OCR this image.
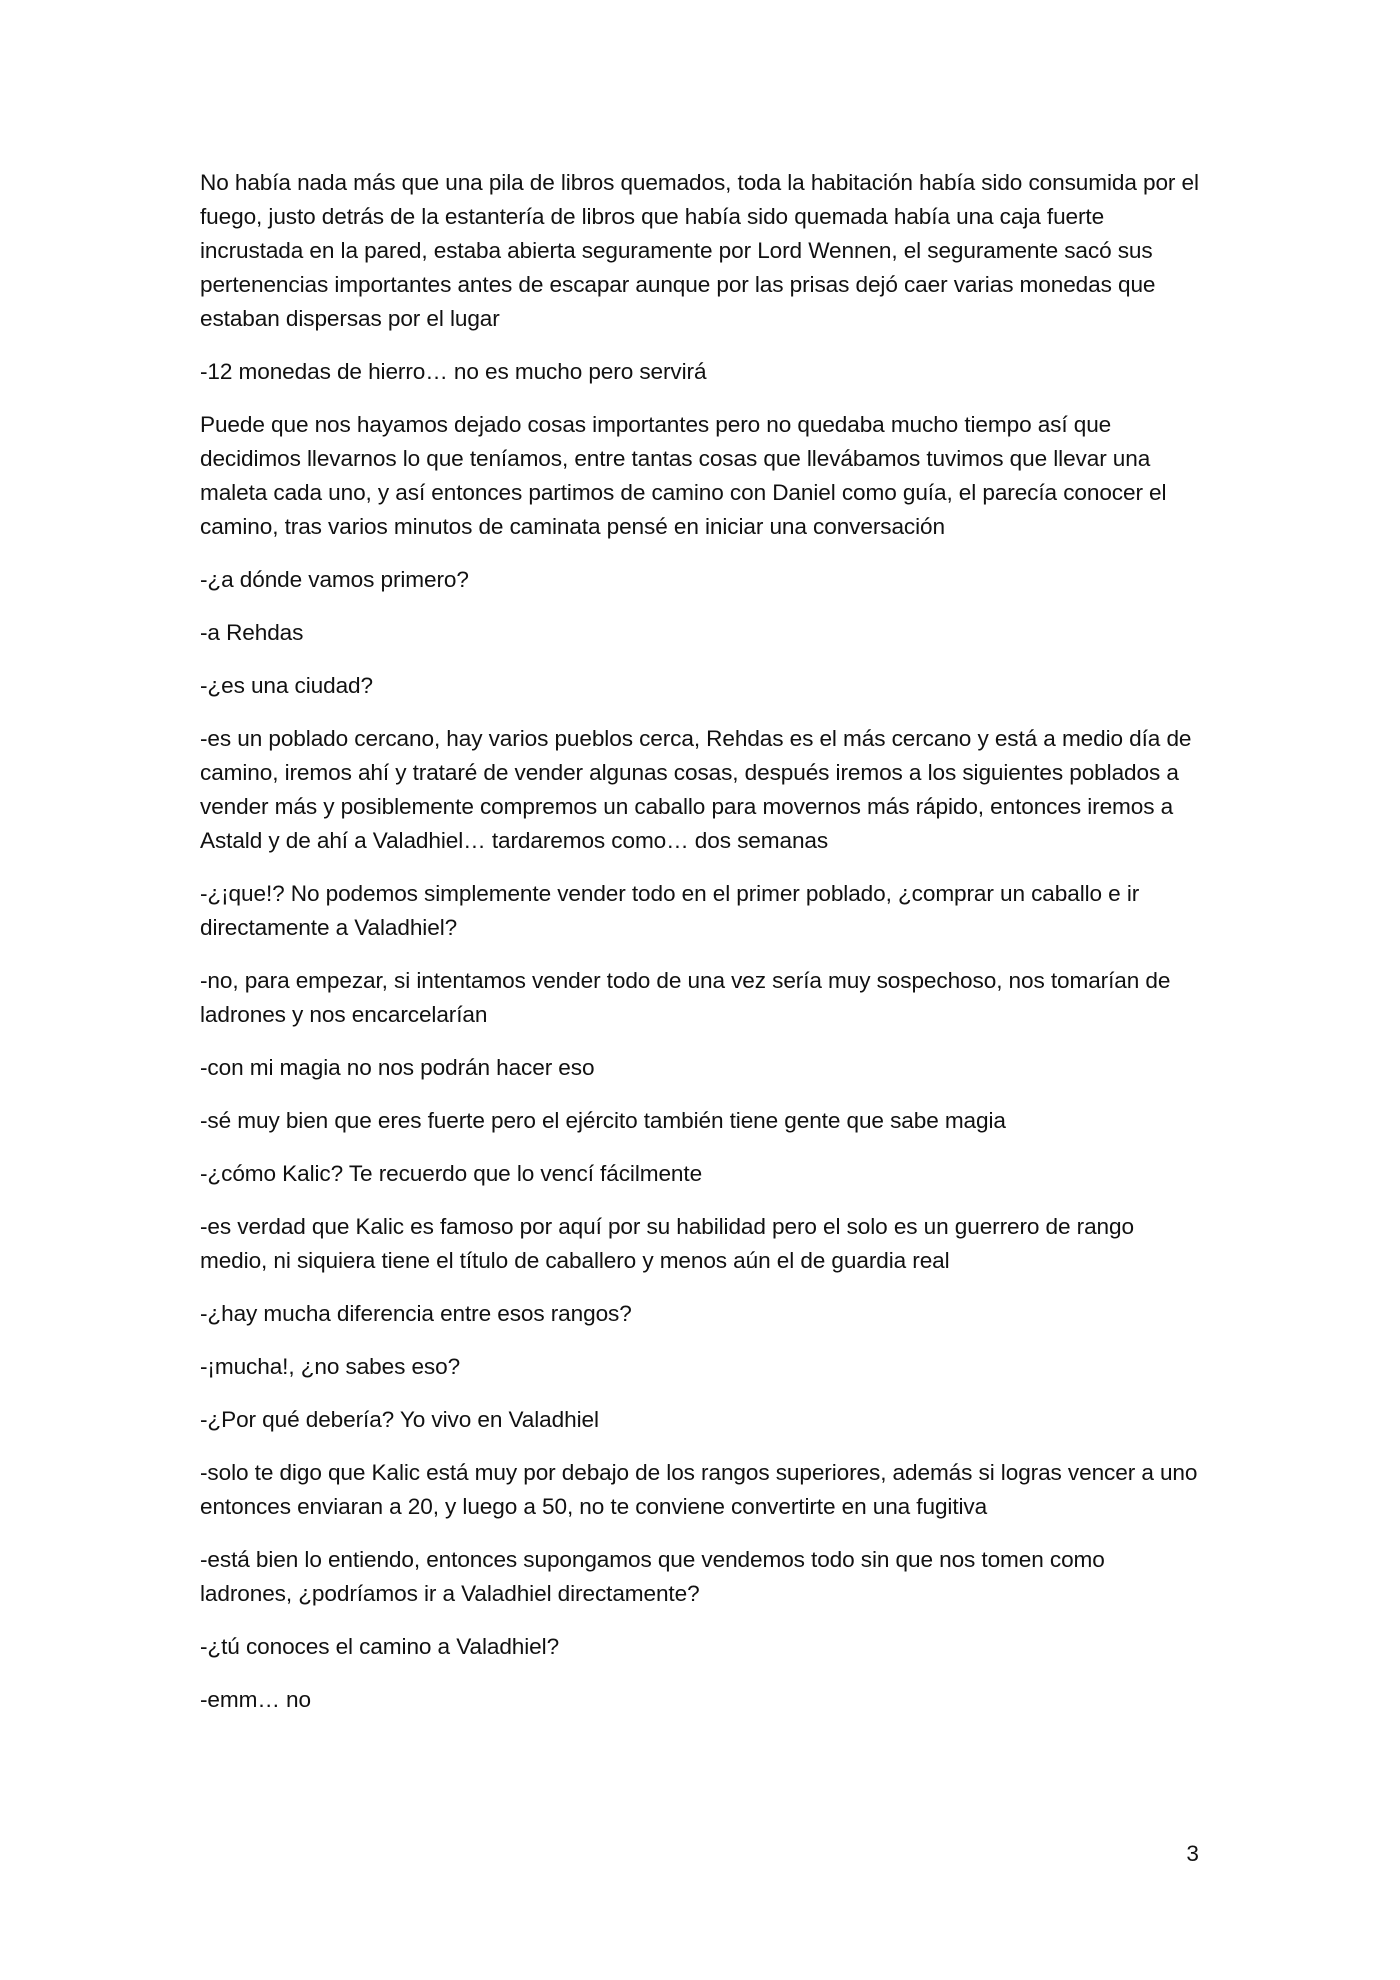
No había nada más que una pila de libros quemados, toda la habitación había sido consumida por el fuego, justo detrás de la estantería de libros que había sido quemada había una caja fuerte incrustada en la pared, estaba abierta seguramente por Lord Wennen, el seguramente sacó sus pertenencias importantes antes de escapar aunque por las prisas dejó caer varias monedas que estaban dispersas por el lugar

-12 monedas de hierro… no es mucho pero servirá

Puede que nos hayamos dejado cosas importantes pero no quedaba mucho tiempo así que decidimos llevarnos lo que teníamos, entre tantas cosas que llevábamos tuvimos que llevar una maleta cada uno, y así entonces partimos de camino con Daniel como guía, el parecía conocer el camino, tras varios minutos de caminata pensé en iniciar una conversación

-¿a dónde vamos primero?

-a Rehdas

-¿es una ciudad?

-es un poblado cercano, hay varios pueblos cerca, Rehdas es el más cercano y está a medio día de camino, iremos ahí y trataré de vender algunas cosas, después iremos a los siguientes poblados a vender más y posiblemente compremos un caballo para movernos más rápido, entonces iremos a Astald y de ahí a Valadhiel… tardaremos como… dos semanas

-¿¡que!? No podemos simplemente vender todo en el primer poblado, ¿comprar un caballo e ir directamente a Valadhiel?

-no, para empezar, si intentamos vender todo de una vez sería muy sospechoso, nos tomarían de ladrones y nos encarcelarían

-con mi magia no nos podrán hacer eso

-sé muy bien que eres fuerte pero el ejército también tiene gente que sabe magia

-¿cómo Kalic? Te recuerdo que lo vencí fácilmente

-es verdad que Kalic es famoso por aquí por su habilidad pero el solo es un guerrero de rango medio, ni siquiera tiene el título de caballero y menos aún el de guardia real

-¿hay mucha diferencia entre esos rangos?

-¡mucha!, ¿no sabes eso?

-¿Por qué debería? Yo vivo en Valadhiel

-solo te digo que Kalic está muy por debajo de los rangos superiores, además si logras vencer a uno entonces enviaran a 20, y luego a 50, no te conviene convertirte en una fugitiva

-está bien lo entiendo, entonces supongamos que vendemos todo sin que nos tomen como ladrones, ¿podríamos ir a Valadhiel directamente?

-¿tú conoces el camino a Valadhiel?

-emm… no

3
